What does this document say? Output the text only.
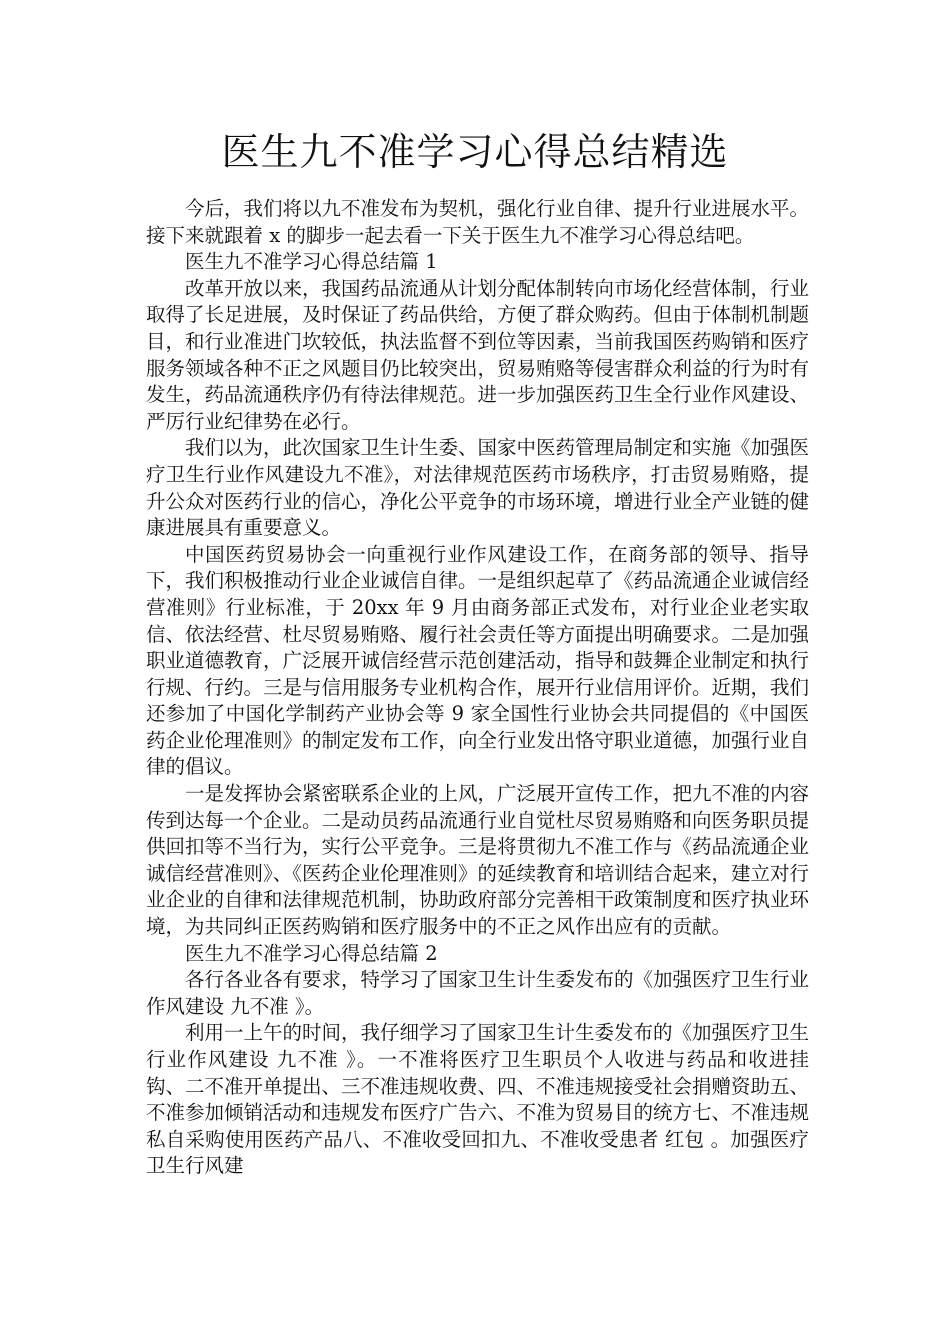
医生九不准学习心得总结精选

今后，我们将以九不准发布为契机，强化行业自律、提升行业进展水平。接下来就跟着 x 的脚步一起去看一下关于医生九不准学习心得总结吧。

医生九不准学习心得总结篇 1

改革开放以来，我国药品流通从计划分配体制转向市场化经营体制，行业取得了长足进展，及时保证了药品供给，方便了群众购药。但由于体制机制题目，和行业准进门坎较低，执法监督不到位等因素，当前我国医药购销和医疗服务领域各种不正之风题目仍比较突出，贸易贿赂等侵害群众利益的行为时有发生，药品流通秩序仍有待法律规范。进一步加强医药卫生全行业作风建设、严厉行业纪律势在必行。

我们以为，此次国家卫生计生委、国家中医药管理局制定和实施《加强医疗卫生行业作风建设九不准》，对法律规范医药市场秩序，打击贸易贿赂，提升公众对医药行业的信心，净化公平竞争的市场环境，增进行业全产业链的健康进展具有重要意义。

中国医药贸易协会一向重视行业作风建设工作，在商务部的领导、指导下，我们积极推动行业企业诚信自律。一是组织起草了《药品流通企业诚信经营准则》行业标准，于 20xx 年 9 月由商务部正式发布，对行业企业老实取信、依法经营、杜尽贸易贿赂、履行社会责任等方面提出明确要求。二是加强职业道德教育，广泛展开诚信经营示范创建活动，指导和鼓舞企业制定和执行行规、行约。三是与信用服务专业机构合作，展开行业信用评价。近期，我们还参加了中国化学制药产业协会等 9 家全国性行业协会共同提倡的《中国医药企业伦理准则》的制定发布工作，向全行业发出恪守职业道德，加强行业自律的倡议。

一是发挥协会紧密联系企业的上风，广泛展开宣传工作，把九不准的内容传到达每一个企业。二是动员药品流通行业自觉杜尽贸易贿赂和向医务职员提供回扣等不当行为，实行公平竞争。三是将贯彻九不准工作与《药品流通企业诚信经营准则》、《医药企业伦理准则》的延续教育和培训结合起来，建立对行业企业的自律和法律规范机制，协助政府部分完善相干政策制度和医疗执业环境，为共同纠正医药购销和医疗服务中的不正之风作出应有的贡献。

医生九不准学习心得总结篇 2

各行各业各有要求，特学习了国家卫生计生委发布的《加强医疗卫生行业作风建设 九不准 》。

利用一上午的时间，我仔细学习了国家卫生计生委发布的《加强医疗卫生行业作风建设 九不准 》。一不准将医疗卫生职员个人收进与药品和收进挂钩、二不准开单提出、三不准违规收费、四、不准违规接受社会捐赠资助五、不准参加倾销活动和违规发布医疗广告六、不准为贸易目的统方七、不准违规私自采购使用医药产品八、不准收受回扣九、不准收受患者 红包 。加强医疗卫生行风建
